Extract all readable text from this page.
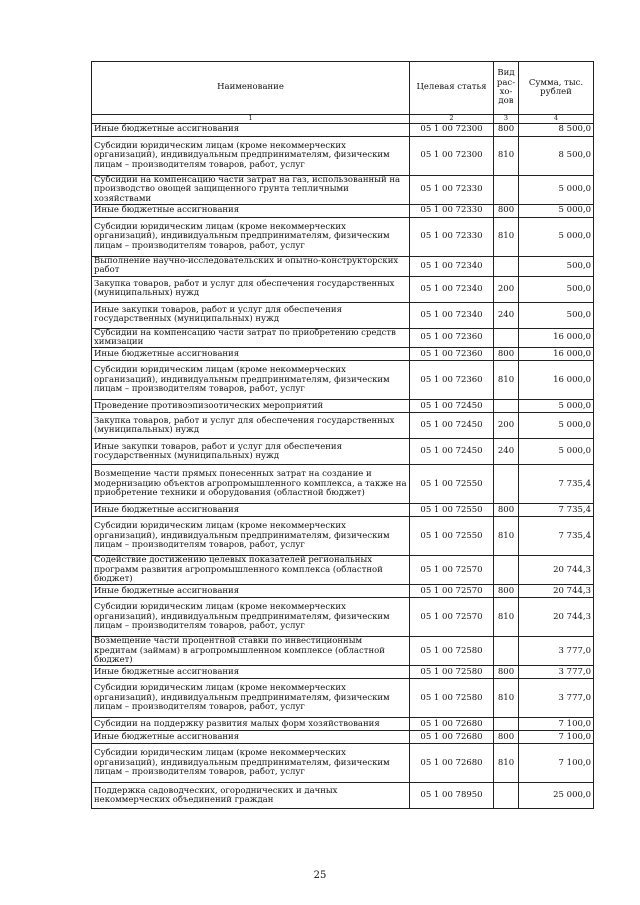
Наименование	Целевая статья	Вид рас- хо- дов	Сумма, тыс. рублей
1	2	3	4
Иные бюджетные ассигнования	05 1 00 72300	800	8 500,0
Субсидии юридическим лицам (кроме некоммерческих организаций), индивидуальным предпринимателям, физическим лицам – производителям товаров, работ, услуг	05 1 00 72300	810	8 500,0
Субсидии на компенсацию части затрат на газ, использованный на производство овощей защищенного грунта тепличными хозяйствами	05 1 00 72330		5 000,0
Иные бюджетные ассигнования	05 1 00 72330	800	5 000,0
Субсидии юридическим лицам (кроме некоммерческих организаций), индивидуальным предпринимателям, физическим лицам – производителям товаров, работ, услуг	05 1 00 72330	810	5 000,0
Выполнение научно-исследовательских и опытно-конструкторских работ	05 1 00 72340		500,0
Закупка товаров, работ и услуг для обеспечения государственных (муниципальных) нужд	05 1 00 72340	200	500,0
Иные закупки товаров, работ и услуг для обеспечения государственных (муниципальных) нужд	05 1 00 72340	240	500,0
Субсидии на компенсацию части затрат по приобретению средств химизации	05 1 00 72360		16 000,0
Иные бюджетные ассигнования	05 1 00 72360	800	16 000,0
Субсидии юридическим лицам (кроме некоммерческих организаций), индивидуальным предпринимателям, физическим лицам – производителям товаров, работ, услуг	05 1 00 72360	810	16 000,0
Проведение противоэпизоотических мероприятий	05 1 00 72450		5 000,0
Закупка товаров, работ и услуг для обеспечения государственных (муниципальных) нужд	05 1 00 72450	200	5 000,0
Иные закупки товаров, работ и услуг для обеспечения государственных (муниципальных) нужд	05 1 00 72450	240	5 000,0
Возмещение части прямых понесенных затрат на создание и модернизацию объектов агропромышленного комплекса, а также на приобретение техники и оборудования (областной бюджет)	05 1 00 72550		7 735,4
Иные бюджетные ассигнования	05 1 00 72550	800	7 735,4
Субсидии юридическим лицам (кроме некоммерческих организаций), индивидуальным предпринимателям, физическим лицам – производителям товаров, работ, услуг	05 1 00 72550	810	7 735,4
Содействие достижению целевых показателей региональных программ развития агропромышленного комплекса (областной бюджет)	05 1 00 72570		20 744,3
Иные бюджетные ассигнования	05 1 00 72570	800	20 744,3
Субсидии юридическим лицам (кроме некоммерческих организаций), индивидуальным предпринимателям, физическим лицам – производителям товаров, работ, услуг	05 1 00 72570	810	20 744,3
Возмещение части процентной ставки по инвестиционным кредитам (займам) в агропромышленном комплексе (областной бюджет)	05 1 00 72580		3 777,0
Иные бюджетные ассигнования	05 1 00 72580	800	3 777,0
Субсидии юридическим лицам (кроме некоммерческих организаций), индивидуальным предпринимателям, физическим лицам – производителям товаров, работ, услуг	05 1 00 72580	810	3 777,0
Субсидии на поддержку развития малых форм хозяйствования	05 1 00 72680		7 100,0
Иные бюджетные ассигнования	05 1 00 72680	800	7 100,0
Субсидии юридическим лицам (кроме некоммерческих организаций), индивидуальным предпринимателям, физическим лицам – производителям товаров, работ, услуг	05 1 00 72680	810	7 100,0
Поддержка садоводческих, огороднических и дачных некоммерческих объединений граждан	05 1 00 78950		25 000,0
25
